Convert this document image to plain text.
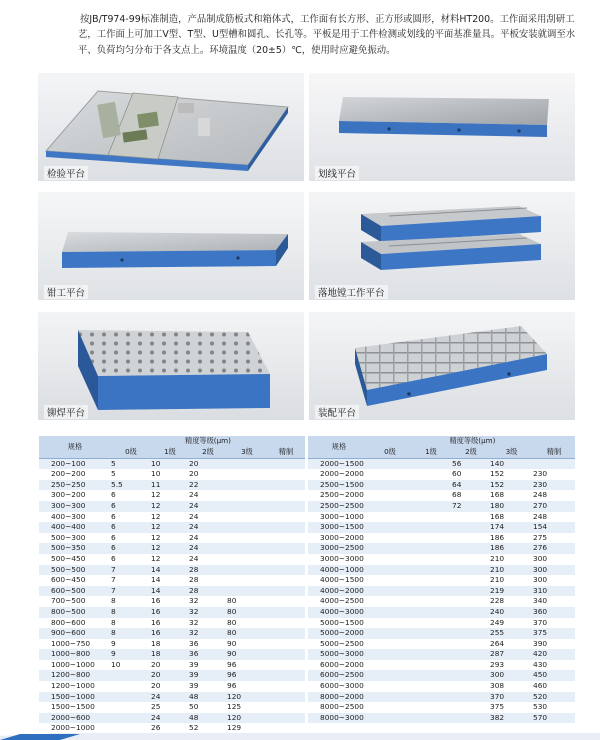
按JB/T974-99标准制造，产品制成筋板式和箱体式，工作面有长方形、正方形或圆形，材料HT200。工作面采用刮研工艺，工作面上可加工V型、T型、U型槽和圆孔、长孔等。平板是用于工件检测或划线的平面基准量具。平板安装就调至水平、负荷均匀分布于各支点上。环境温度（20±5）℃，使用时应避免振动。
检验平台	划线平台
钳工平台	落地镗工作平台
铆焊平台	装配平台
规格	精度等级(μm)				
	0级	1级	2级	3级	精制
200~100	5	10	20		
200~200	5	10	20		
250~250	5.5	11	22		
300~200	6	12	24		
300~300	6	12	24		
400~300	6	12	24		
400~400	6	12	24		
500~300	6	12	24		
500~350	6	12	24		
500~450	6	12	24		
500~500	7	14	28		
600~450	7	14	28		
600~500	7	14	28		
700~500	8	16	32	80	
800~500	8	16	32	80	
800~600	8	16	32	80	
900~600	8	16	32	80	
1000~750	9	18	36	90	
1000~800	9	18	36	90	
1000~1000	10	20	39	96	
1200~800		20	39	96	
1200~1000		20	39	96	
1500~1000		24	48	120	
1500~1500		25	50	125	
2000~600		24	48	120	
2000~1000		26	52	129	
规格	精度等级(μm)				
	0级	1级	2级	3级	精制
2000~1500			56	140	
2000~2000			60	152	230
2500~1500			64	152	230
2500~2000			68	168	248
2500~2500			72	180	270
3000~1000				168	248
3000~1500				174	154
3000~2000				186	275
3000~2500				186	276
3000~3000				210	300
4000~1000				210	300
4000~1500				210	300
4000~2000				219	310
4000~2500				228	340
4000~3000				240	360
5000~1500				249	370
5000~2000				255	375
5000~2500				264	390
5000~3000				287	420
6000~2000				293	430
6000~2500				300	450
6000~3000				308	460
8000~2000				370	520
8000~2500				375	530
8000~3000				382	570
